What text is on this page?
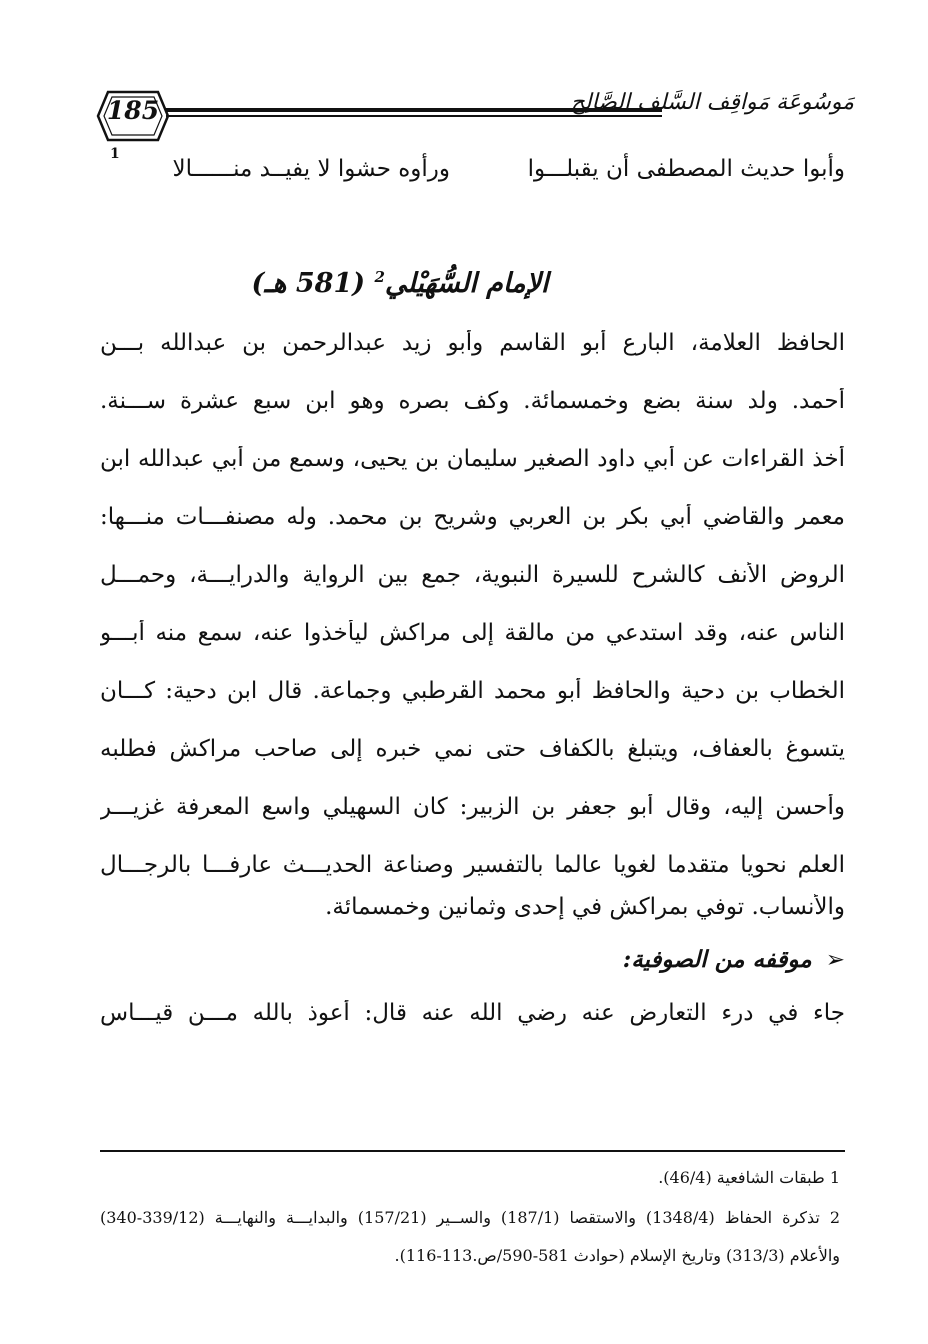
185	مَوسُوعَة مَواقِف السَّلف الصَّالِح
وأبوا حديث المصطفى أن يقبلـــوا
ورأوه حشوا لا يفيــد منــــــالا
1
الإمام السُّهَيْلي$^2$ (581 هـ)
الحافظ العلامة، البارع أبو القاسم وأبو زيد عبدالرحمن بن عبدالله بـــن
أحمد. ولد سنة بضع وخمسمائة. وكف بصره وهو ابن سبع عشرة ســـنة.
أخذ القراءات عن أبي داود الصغير سليمان بن يحيى، وسمع من أبي عبدالله ابن
معمر والقاضي أبي بكر بن العربي وشريح بن محمد. وله مصنفـــات منـــها:
الروض الأنف كالشرح للسيرة النبوية، جمع بين الرواية والدرايـــة، وحمـــل
الناس عنه، وقد استدعي من مالقة إلى مراكش ليأخذوا عنه، سمع منه أبـــو
الخطاب بن دحية والحافظ أبو محمد القرطبي وجماعة. قال ابن دحية: كـــان
يتسوغ بالعفاف، ويتبلغ بالكفاف حتى نمي خبره إلى صاحب مراكش فطلبه
وأحسن إليه، وقال أبو جعفر بن الزبير: كان السهيلي واسع المعرفة غزيـــر
العلم نحويا متقدما لغويا عالما بالتفسير وصناعة الحديـــث عارفـــا بالرجـــال
والأنساب. توفي بمراكش في إحدى وثمانين وخمسمائة.
➢موقفه من الصوفية:
جاء في درء التعارض عنه رضي الله عنه قال: أعوذ بالله مـــن قيـــاس
1 طبقات الشافعية (46/4).
2 تذكرة الحفاظ (1348/4) والاستقصا (187/1) والســير (157/21) والبدايـــة والنهايـــة (339/12-340)
والأعلام (313/3) وتاريخ الإسلام (حوادث 581-590/ص.113-116).
